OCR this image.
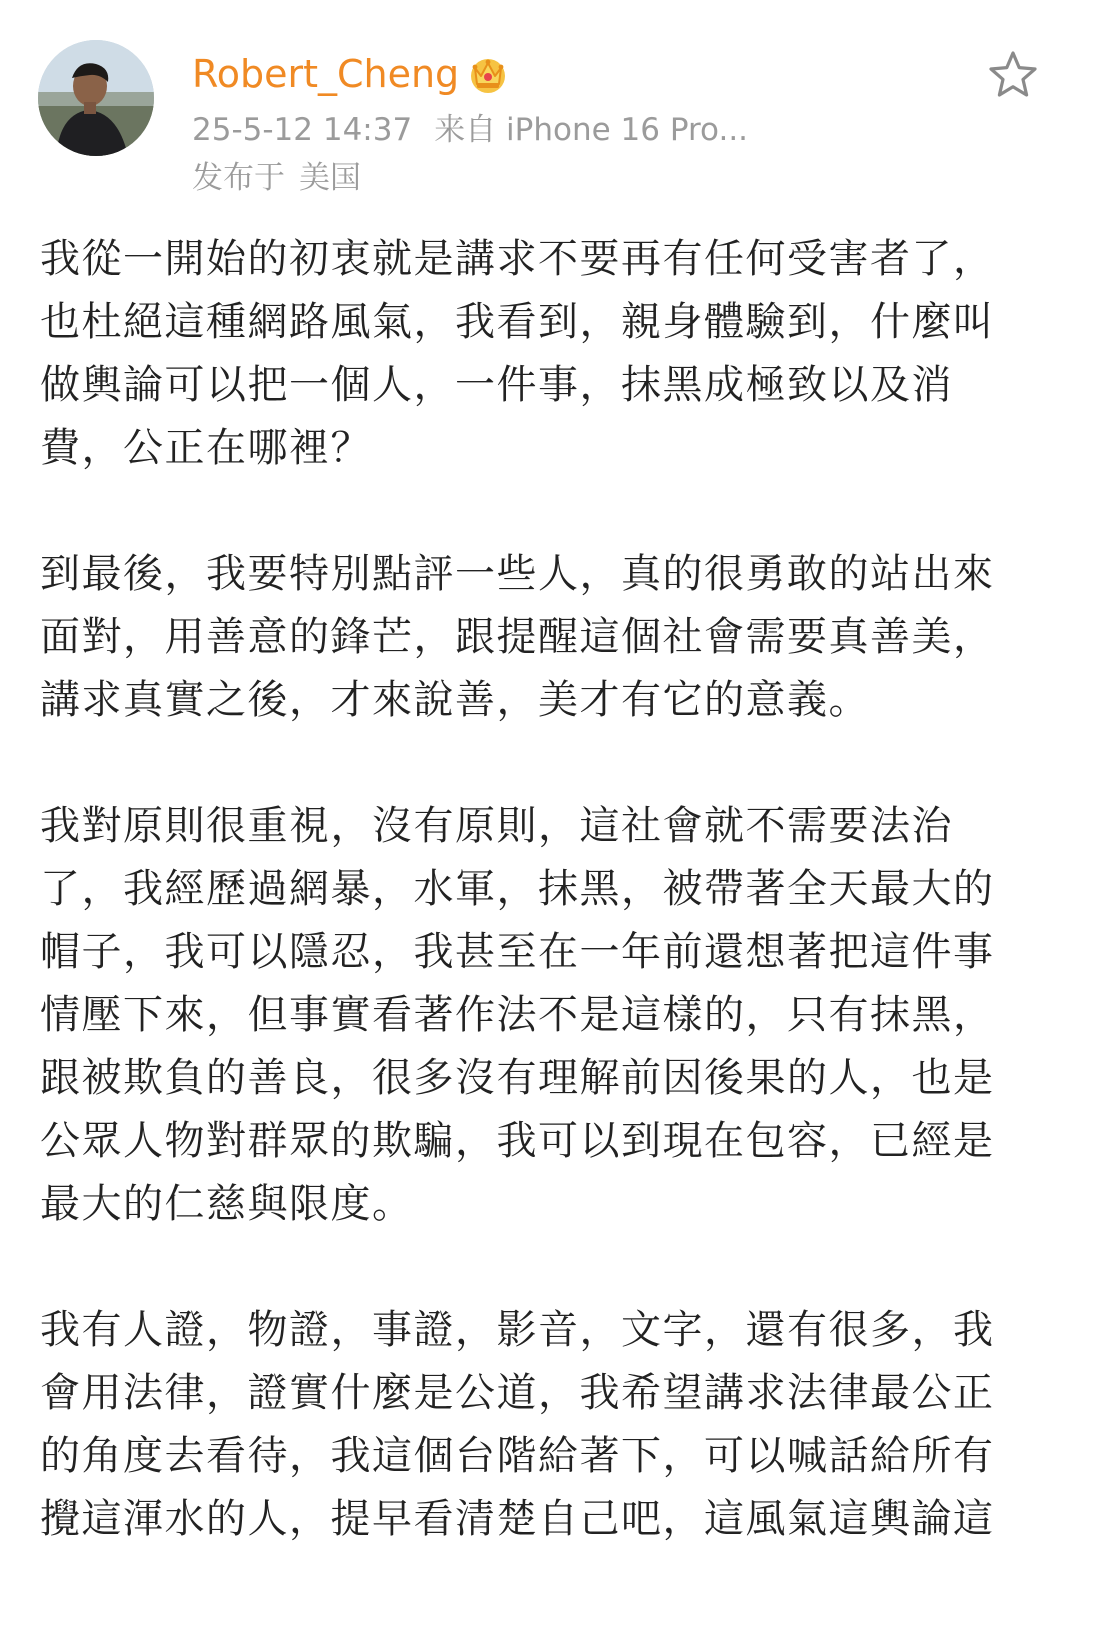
Robert_Cheng
25-5-12 14:37 来自 iPhone 16 Pro...
发布于 美国
我從一開始的初衷就是講求不要再有任何受害者了，
也杜絕這種網路風氣，我看到，親身體驗到，什麼叫
做輿論可以把一個人，一件事，抹黑成極致以及消
費，公正在哪裡？
到最後，我要特別點評一些人，真的很勇敢的站出來
面對，用善意的鋒芒，跟提醒這個社會需要真善美，
講求真實之後，才來說善，美才有它的意義。
我對原則很重視，沒有原則，這社會就不需要法治
了，我經歷過網暴，水軍，抹黑，被帶著全天最大的
帽子，我可以隱忍，我甚至在一年前還想著把這件事
情壓下來，但事實看著作法不是這樣的，只有抹黑，
跟被欺負的善良，很多沒有理解前因後果的人，也是
公眾人物對群眾的欺騙，我可以到現在包容，已經是
最大的仁慈與限度。
我有人證，物證，事證，影音，文字，還有很多，我
會用法律，證實什麼是公道，我希望講求法律最公正
的角度去看待，我這個台階給著下，可以喊話給所有
攪這渾水的人，提早看清楚自己吧，這風氣這輿論這
